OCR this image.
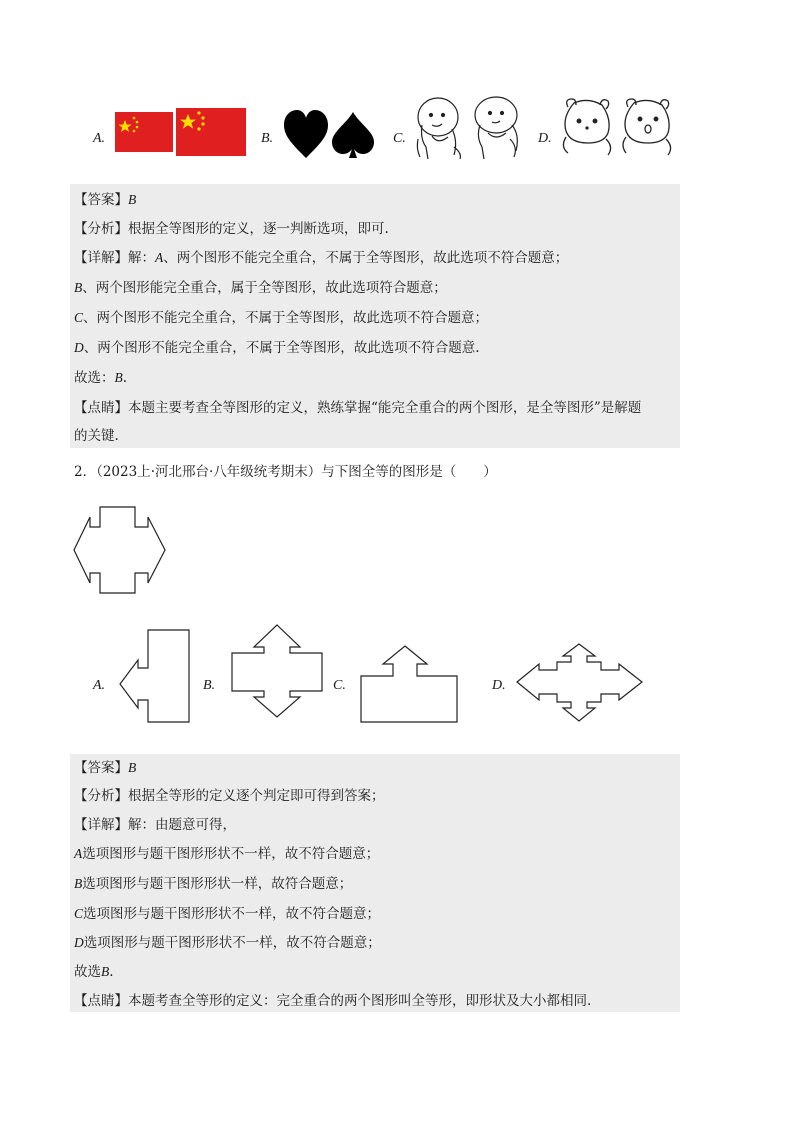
A.	B.	C.	D.
【答案】B
【分析】根据全等图形的定义，逐一判断选项，即可.
【详解】解：A、两个图形不能完全重合，不属于全等图形，故此选项不符合题意；
B、两个图形能完全重合，属于全等图形，故此选项符合题意；
C、两个图形不能完全重合，不属于全等图形，故此选项不符合题意；
D、两个图形不能完全重合，不属于全等图形，故此选项不符合题意.
故选：B.
【点睛】本题主要考查全等图形的定义，熟练掌握“能完全重合的两个图形，是全等图形”是解题
的关键.
2．（2023上·河北邢台·八年级统考期末）与下图全等的图形是（　　）
A.	B.	C.	D.
【答案】B
【分析】根据全等形的定义逐个判定即可得到答案；
【详解】解：由题意可得，
A选项图形与题干图形形状不一样，故不符合题意；
B选项图形与题干图形形状一样，故符合题意；
C选项图形与题干图形形状不一样，故不符合题意；
D选项图形与题干图形形状不一样，故不符合题意；
故选B.
【点睛】本题考查全等形的定义：完全重合的两个图形叫全等形，即形状及大小都相同.
